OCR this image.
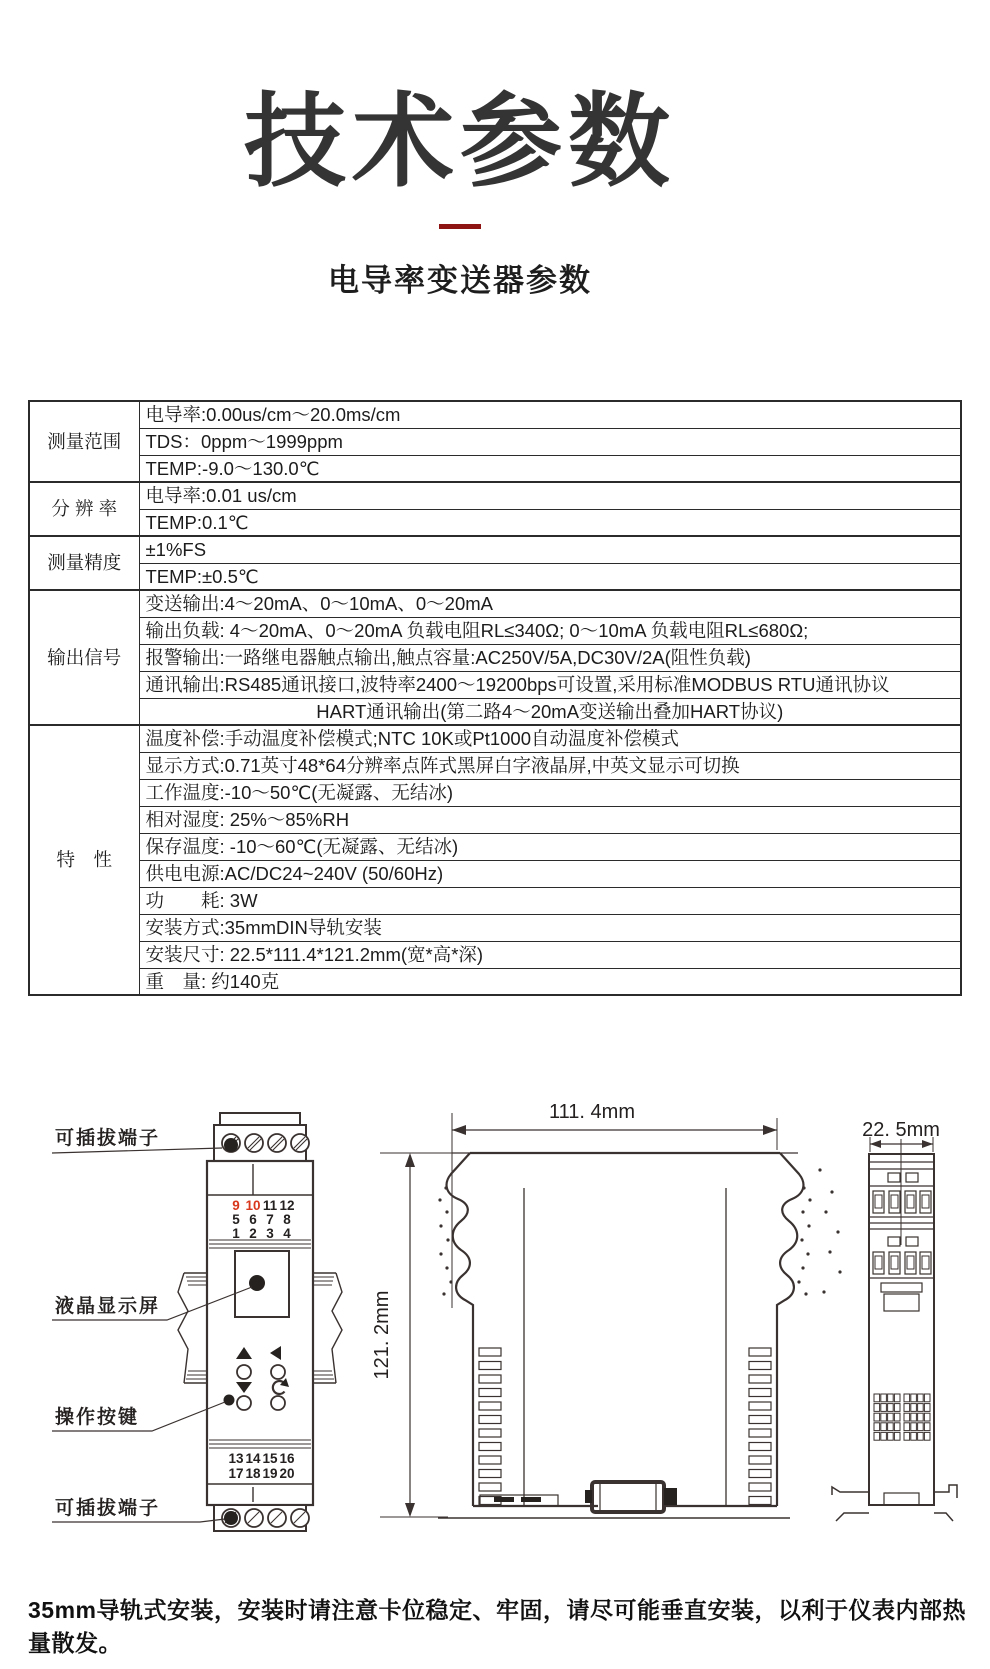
技术参数
电导率变送器参数
测量范围	电导率:0.00us/cm～20.0ms/cm
	TDS：0ppm～1999ppm
	TEMP:-9.0～130.0℃
分 辨 率	电导率:0.01 us/cm
	TEMP:0.1℃
测量精度	±1%FS
	TEMP:±0.5℃
输出信号	变送输出:4～20mA、0～10mA、0～20mA
	输出负载: 4～20mA、0～20mA 负载电阻RL≤340Ω; 0～10mA 负载电阻RL≤680Ω;
	报警输出:一路继电器触点输出,触点容量:AC250V/5A,DC30V/2A(阻性负载)
	通讯输出:RS485通讯接口,波特率2400～19200bps可设置,采用标准MODBUS RTU通讯协议
	HART通讯输出(第二路4～20mA变送输出叠加HART协议)
特　性	温度补偿:手动温度补偿模式;NTC 10K或Pt1000自动温度补偿模式
	显示方式:0.71英寸48*64分辨率点阵式黑屏白字液晶屏,中英文显示可切换
	工作温度:-10～50℃(无凝露、无结冰)
	相对湿度: 25%～85%RH
	保存温度: -10～60℃(无凝露、无结冰)
	供电电源:AC/DC24~240V (50/60Hz)
	功　　耗: 3W
	安装方式:35mmDIN导轨安装
	安装尺寸: 22.5*111.4*121.2mm(宽*高*深)
	重　量: 约140克
9 10 11 12
5 6 7 8
1 2 3 4
13 14 15 16
17 18 19 20
可插拔端子
液晶显示屏
操作按键
可插拔端子
111. 4mm
121. 2mm
22. 5mm

35mm导轨式安装，安装时请注意卡位稳定、牢固，请尽可能垂直安装，以利于仪表内部热量散发。
